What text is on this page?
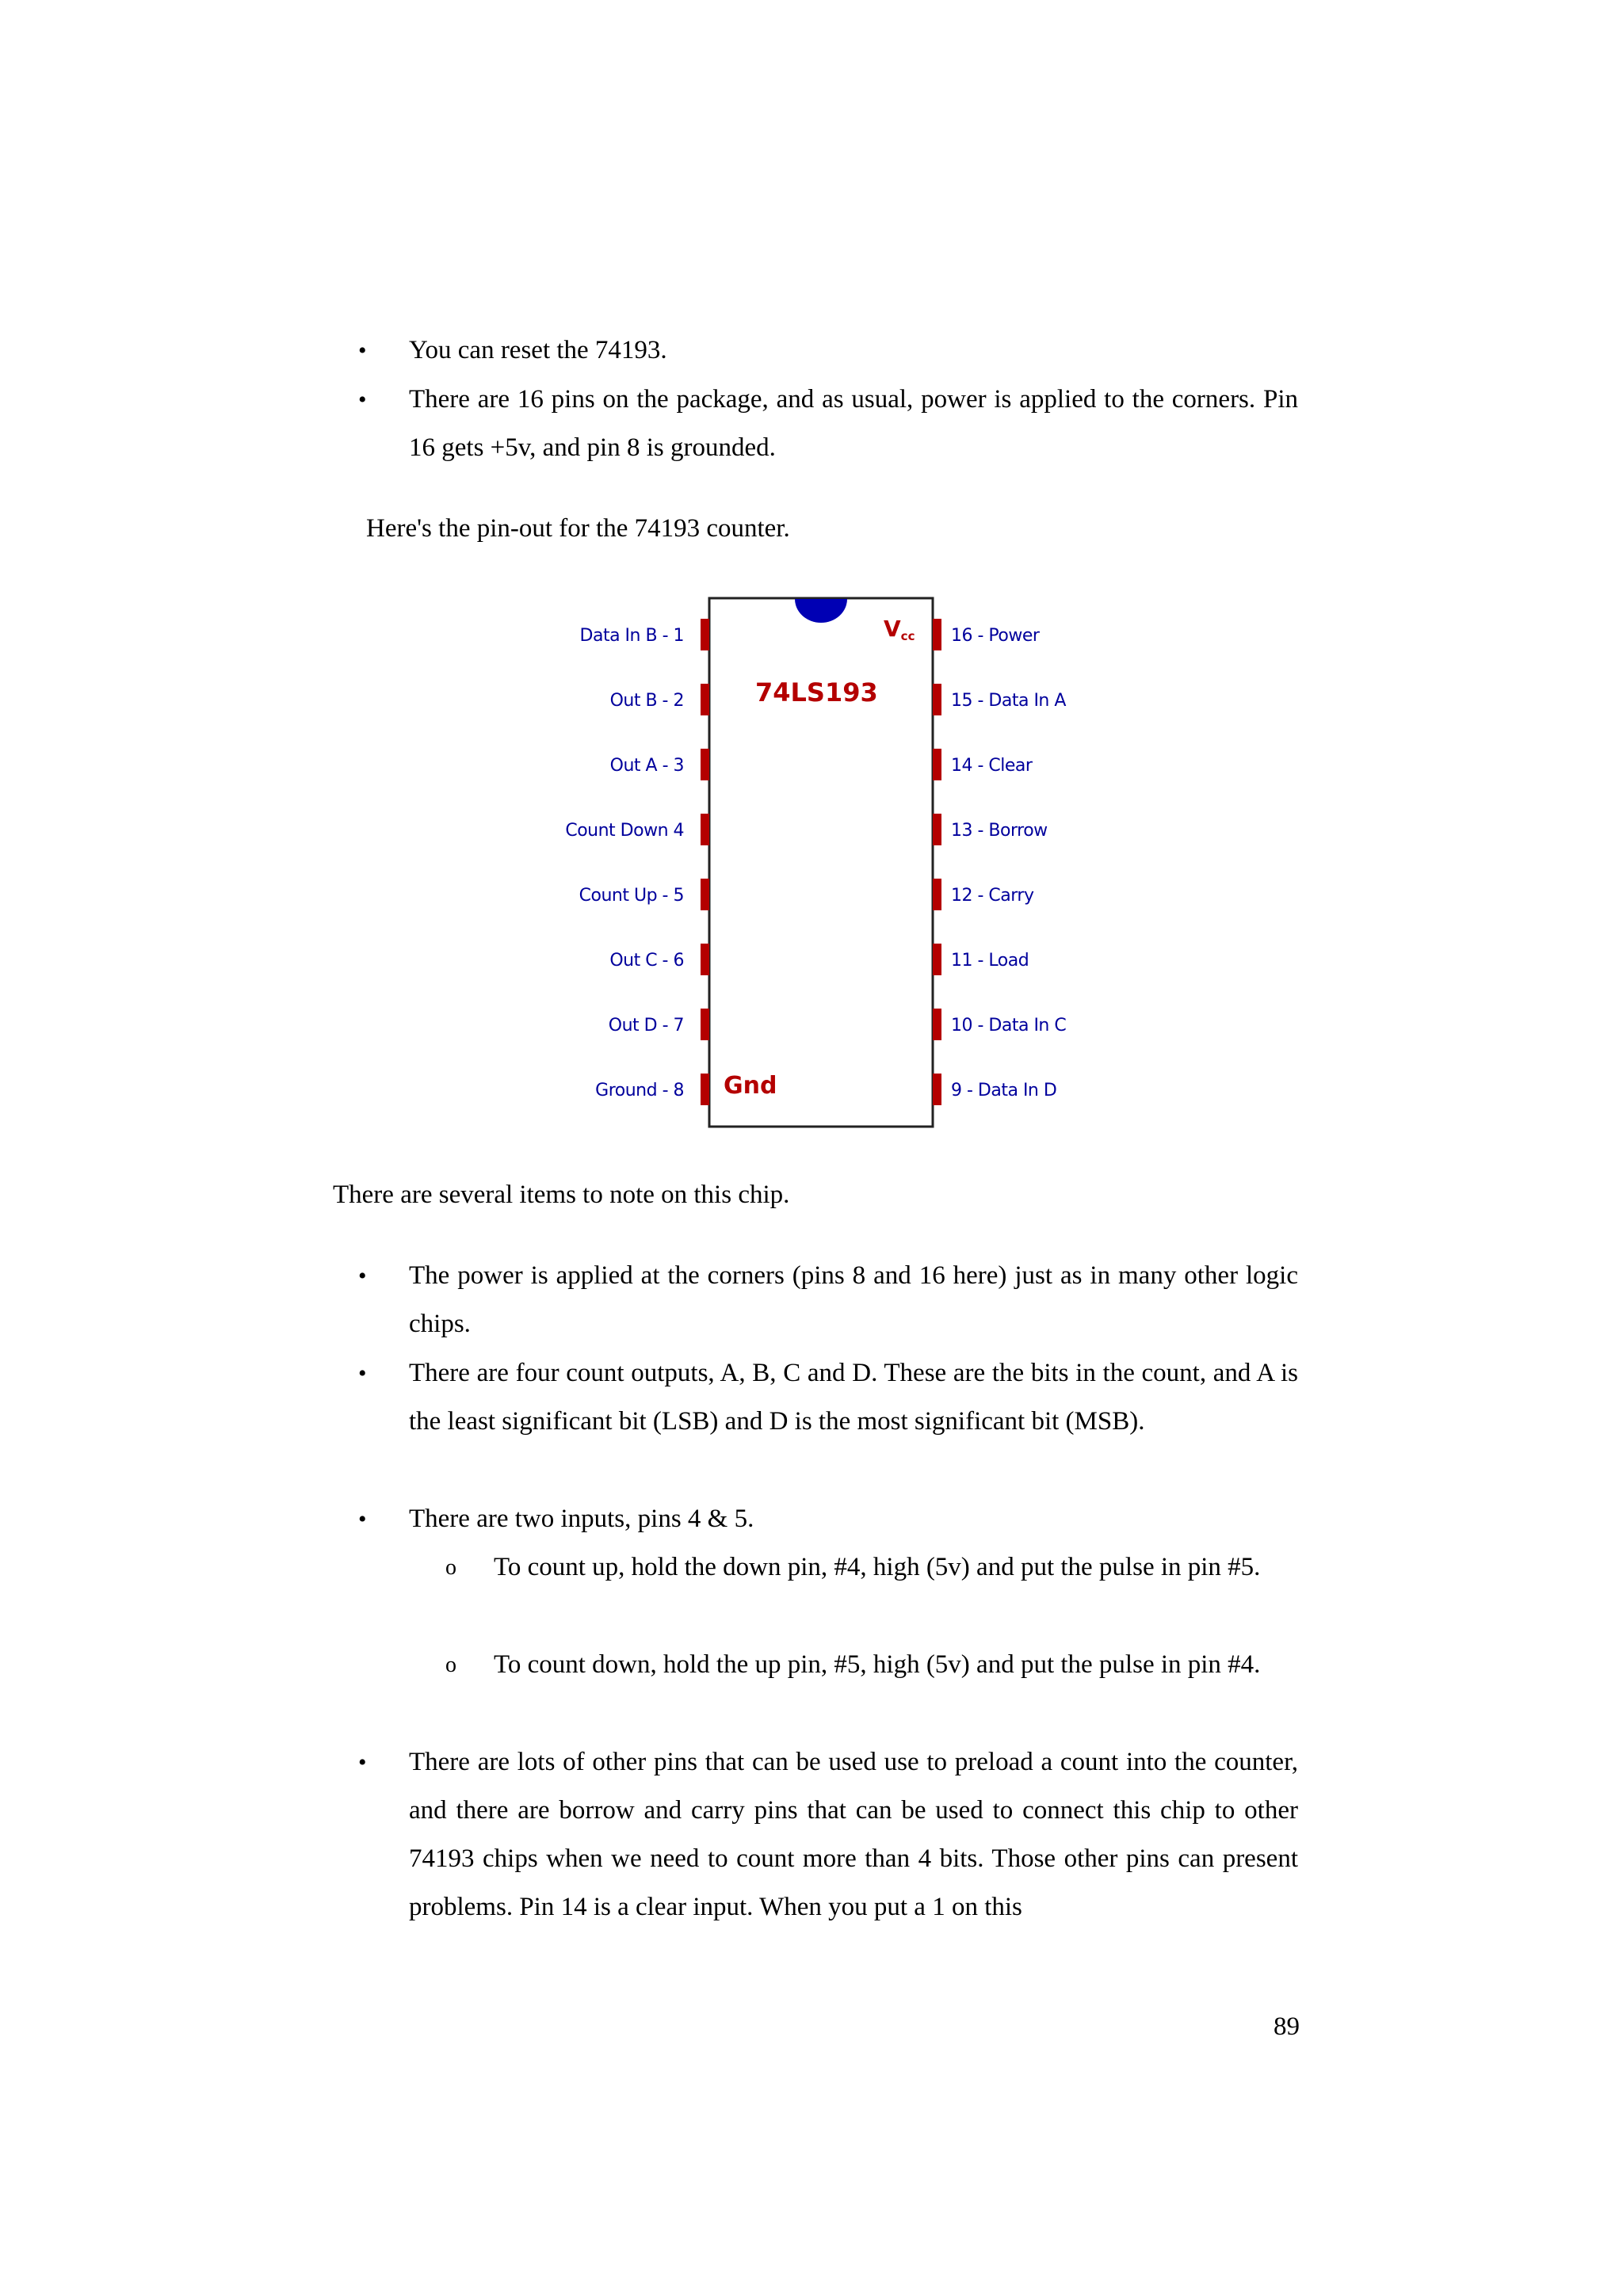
•	You can reset the 74193.
•	There are 16 pins on the package, and as usual, power is applied to the corners. Pin 16 gets +5v, and pin 8 is grounded.
Here's the pin-out for the 74193 counter.
74LS193
Vcc
Gnd
Data In B - 1
Out B - 2
Out A - 3
Count Down 4
Count Up - 5
Out C - 6
Out D - 7
Ground - 8
16 - Power
15 - Data In A
14 - Clear
13 - Borrow
12 - Carry
11 - Load
10 - Data In C
9 - Data In D
There are several items to note on this chip.
•	The power is applied at the corners (pins 8 and 16 here) just as in many other logic chips.
•	There are four count outputs, A, B, C and D. These are the bits in the count, and A is the least significant bit (LSB) and D is the most significant bit (MSB).
•	There are two inputs, pins 4 & 5.
o	To count up, hold the down pin, #4, high (5v) and put the pulse in pin #5.
o	To count down, hold the up pin, #5, high (5v) and put the pulse in pin #4.
•	There are lots of other pins that can be used use to preload a count into the counter, and there are borrow and carry pins that can be used to connect this chip to other 74193 chips when we need to count more than 4 bits. Those other pins can present problems. Pin 14 is a clear input. When you put a 1 on this
89
